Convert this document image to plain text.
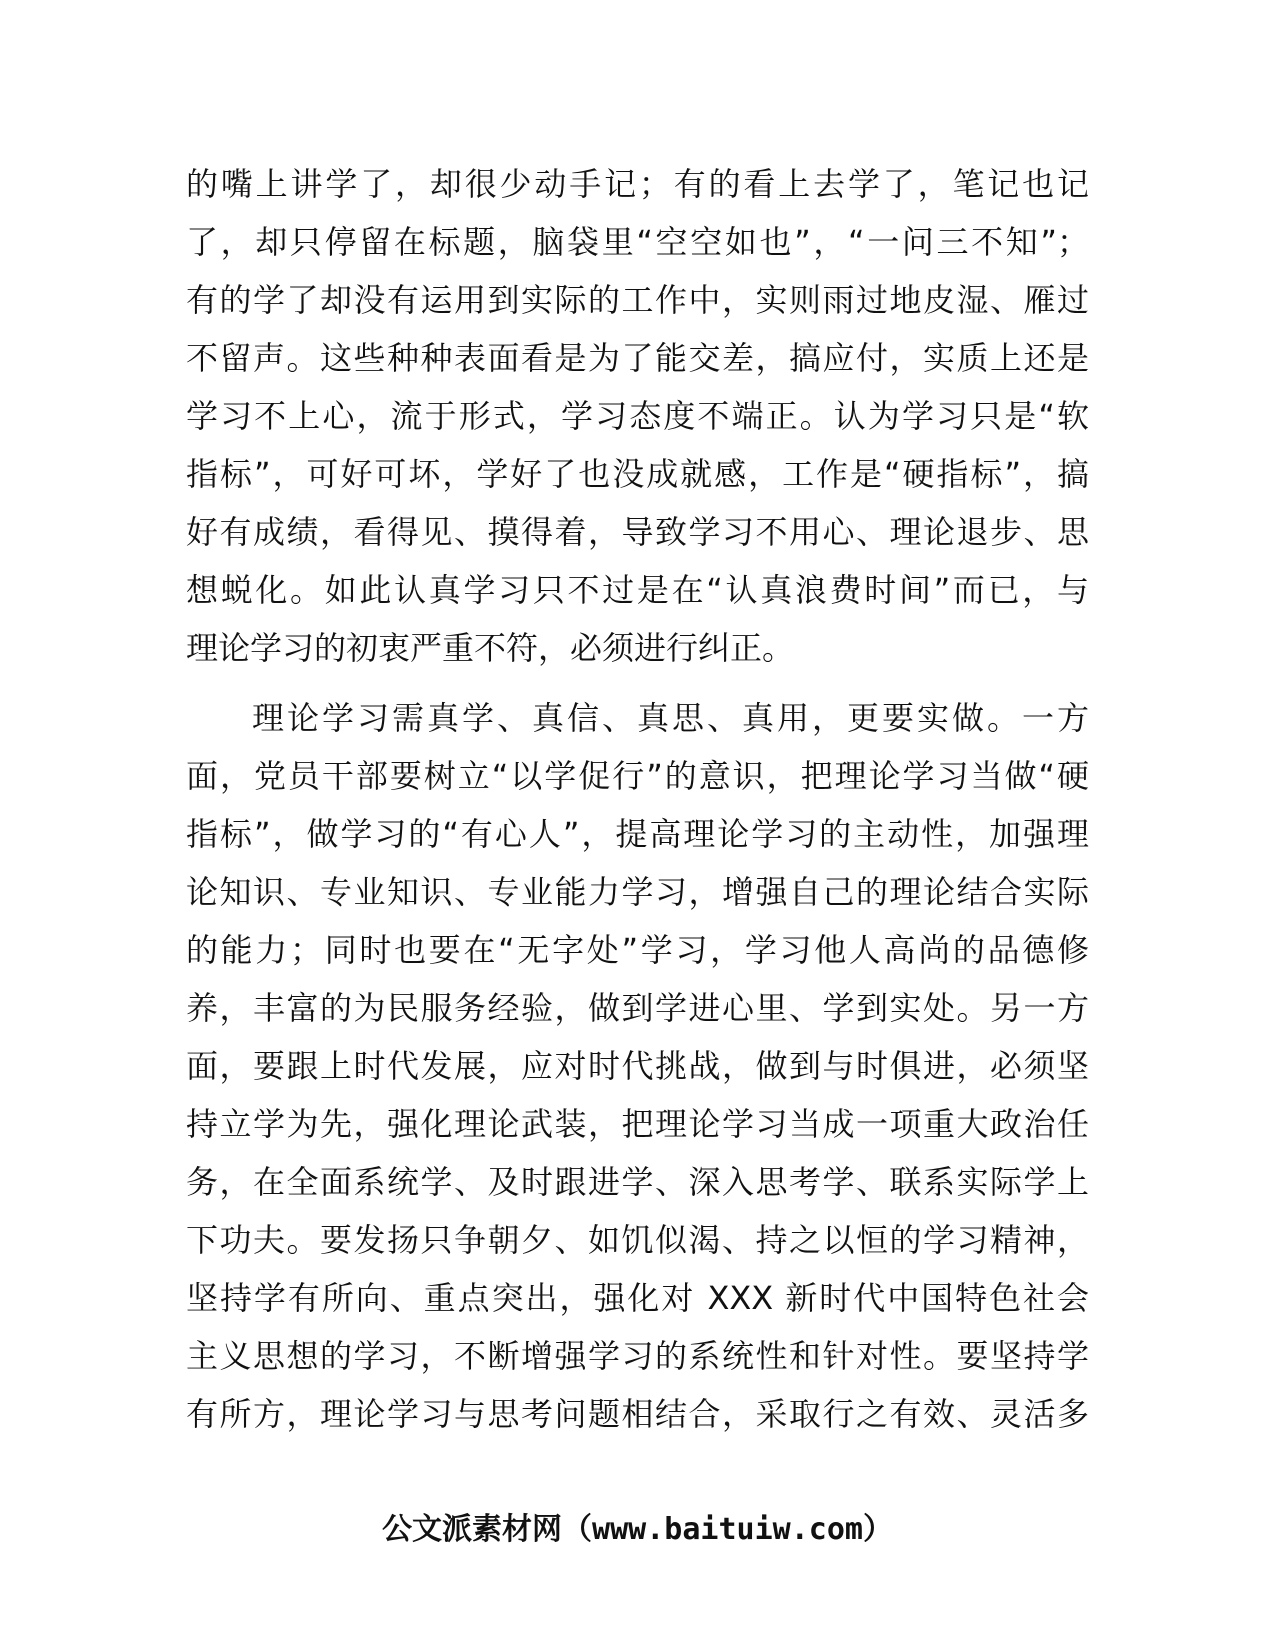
的嘴上讲学了，却很少动手记；有的看上去学了，笔记也记
了，却只停留在标题，脑袋里“空空如也”，“一问三不知”；
有的学了却没有运用到实际的工作中，实则雨过地皮湿、雁过
不留声。这些种种表面看是为了能交差，搞应付，实质上还是
学习不上心，流于形式，学习态度不端正。认为学习只是“软
指标”，可好可坏，学好了也没成就感，工作是“硬指标”，搞
好有成绩，看得见、摸得着，导致学习不用心、理论退步、思
想蜕化。如此认真学习只不过是在“认真浪费时间”而已，与
理论学习的初衷严重不符，必须进行纠正。
理论学习需真学、真信、真思、真用，更要实做。一方
面，党员干部要树立“以学促行”的意识，把理论学习当做“硬
指标”，做学习的“有心人”，提高理论学习的主动性，加强理
论知识、专业知识、专业能力学习，增强自己的理论结合实际
的能力；同时也要在“无字处”学习，学习他人高尚的品德修
养，丰富的为民服务经验，做到学进心里、学到实处。另一方
面，要跟上时代发展，应对时代挑战，做到与时俱进，必须坚
持立学为先，强化理论武装，把理论学习当成一项重大政治任
务，在全面系统学、及时跟进学、深入思考学、联系实际学上
下功夫。要发扬只争朝夕、如饥似渴、持之以恒的学习精神，
坚持学有所向、重点突出，强化对 XXX 新时代中国特色社会
主义思想的学习，不断增强学习的系统性和针对性。要坚持学
有所方，理论学习与思考问题相结合，采取行之有效、灵活多
公文派素材网（www.baituiw.com）
